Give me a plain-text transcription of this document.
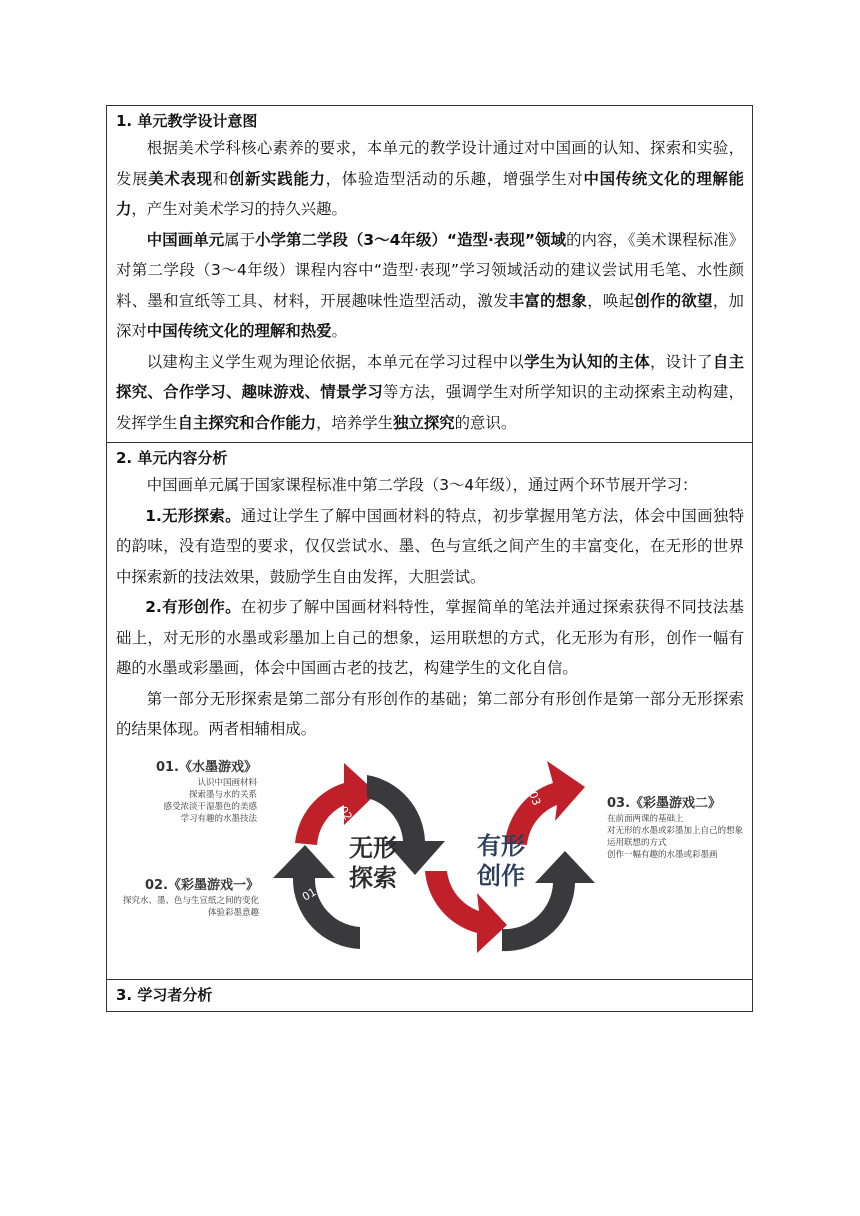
1. 单元教学设计意图

根据美术学科核心素养的要求，本单元的教学设计通过对中国画的认知、探索和实验，发展美术表现和创新实践能力，体验造型活动的乐趣，增强学生对中国传统文化的理解能力，产生对美术学习的持久兴趣。

中国画单元属于小学第二学段（3～4年级）“造型·表现”领域的内容，《美术课程标准》对第二学段（3～4年级）课程内容中“造型·表现”学习领域活动的建议尝试用毛笔、水性颜料、墨和宣纸等工具、材料，开展趣味性造型活动，激发丰富的想象，唤起创作的欲望，加深对中国传统文化的理解和热爱。

以建构主义学生观为理论依据，本单元在学习过程中以学生为认知的主体，设计了自主探究、合作学习、趣味游戏、情景学习等方法，强调学生对所学知识的主动探索主动构建，发挥学生自主探究和合作能力，培养学生独立探究的意识。

2. 单元内容分析

中国画单元属于国家课程标准中第二学段（3～4年级），通过两个环节展开学习：

1.无形探索。通过让学生了解中国画材料的特点，初步掌握用笔方法，体会中国画独特的韵味，没有造型的要求，仅仅尝试水、墨、色与宣纸之间产生的丰富变化，在无形的世界中探索新的技法效果，鼓励学生自由发挥，大胆尝试。

2.有形创作。在初步了解中国画材料特性，掌握简单的笔法并通过探索获得不同技法基础上，对无形的水墨或彩墨加上自己的想象，运用联想的方式，化无形为有形，创作一幅有趣的水墨或彩墨画，体会中国画古老的技艺，构建学生的文化自信。

第一部分无形探索是第二部分有形创作的基础；第二部分有形创作是第一部分无形探索的结果体现。两者相辅相成。

02
01
03
无形
探索
有形
创作
01.《水墨游戏》
认识中国画材料
探索墨与水的关系
感受浓淡干湿墨色的美感
学习有趣的水墨技法
02.《彩墨游戏一》
探究水、墨、色与生宣纸之间的变化
体验彩墨意趣
03.《彩墨游戏二》
在前面两课的基础上
对无形的水墨或彩墨加上自己的想象
运用联想的方式
创作一幅有趣的水墨或彩墨画
3. 学习者分析
